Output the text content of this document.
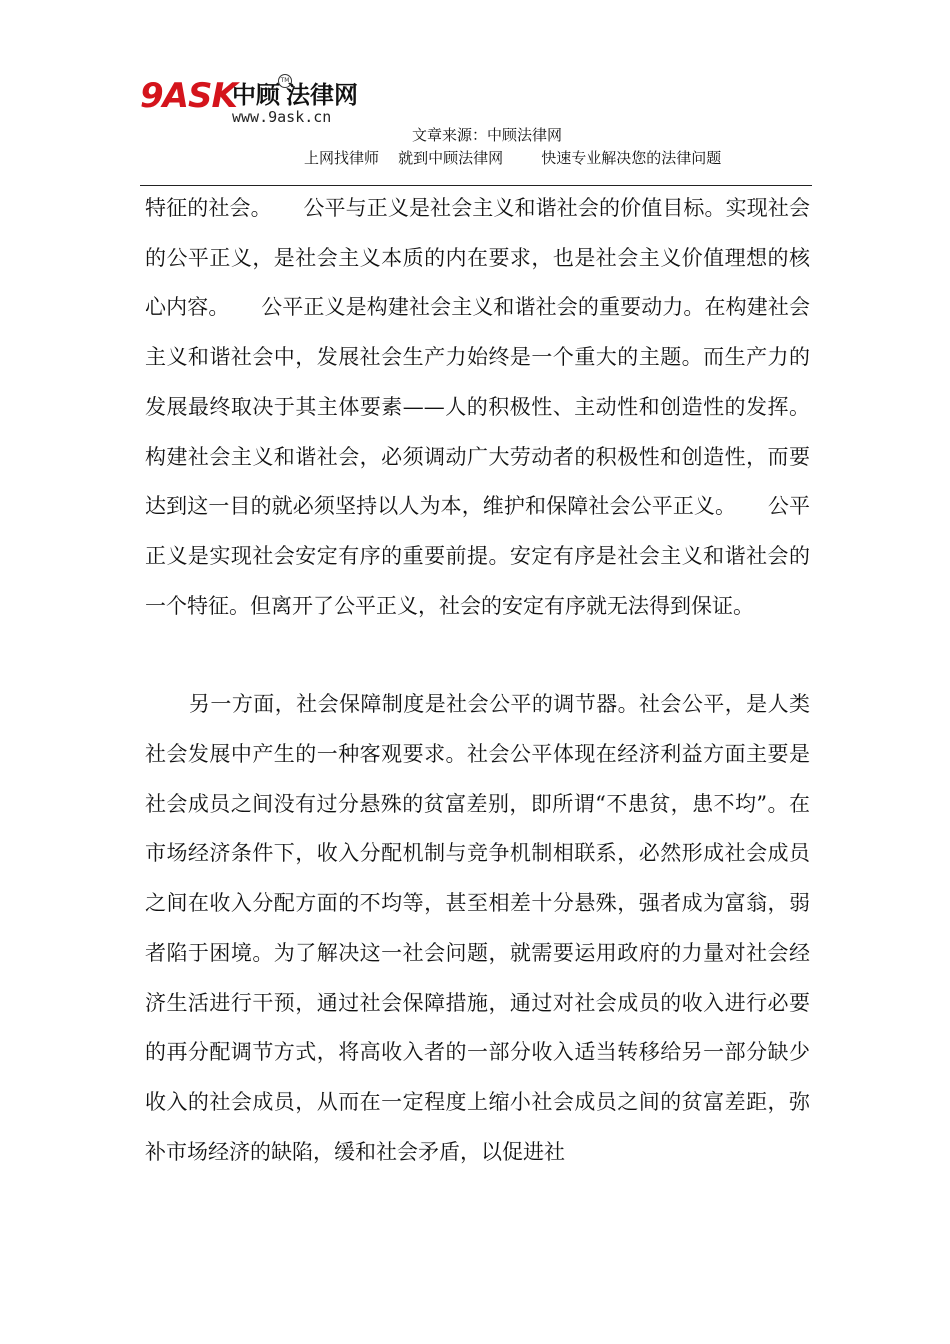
9ASK
中顾 法律网
TM
www.9ask.cn
文章来源：中顾法律网
上网找律师    就到中顾法律网        快速专业解决您的法律问题

特征的社会。　　公平与正义是社会主义和谐社会的价值目标。实现社会的公平正义，是社会主义本质的内在要求，也是社会主义价值理想的核心内容。　　公平正义是构建社会主义和谐社会的重要动力。在构建社会主义和谐社会中，发展社会生产力始终是一个重大的主题。而生产力的发展最终取决于其主体要素——人的积极性、主动性和创造性的发挥。构建社会主义和谐社会，必须调动广大劳动者的积极性和创造性，而要达到这一目的就必须坚持以人为本，维护和保障社会公平正义。　　公平正义是实现社会安定有序的重要前提。安定有序是社会主义和谐社会的一个特征。但离开了公平正义，社会的安定有序就无法得到保证。

另一方面，社会保障制度是社会公平的调节器。社会公平，是人类社会发展中产生的一种客观要求。社会公平体现在经济利益方面主要是社会成员之间没有过分悬殊的贫富差别，即所谓“不患贫，患不均”。在市场经济条件下，收入分配机制与竞争机制相联系，必然形成社会成员之间在收入分配方面的不均等，甚至相差十分悬殊，强者成为富翁，弱者陷于困境。为了解决这一社会问题，就需要运用政府的力量对社会经济生活进行干预，通过社会保障措施，通过对社会成员的收入进行必要的再分配调节方式，将高收入者的一部分收入适当转移给另一部分缺少收入的社会成员，从而在一定程度上缩小社会成员之间的贫富差距，弥补市场经济的缺陷，缓和社会矛盾，以促进社
